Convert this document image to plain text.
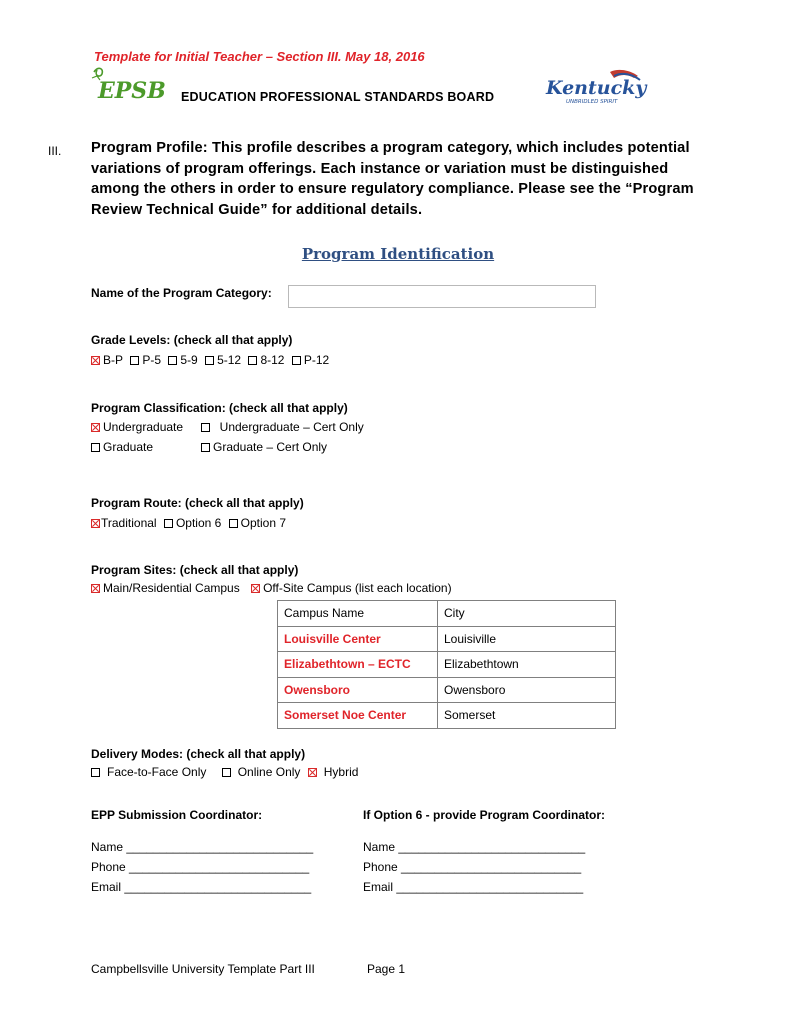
Template for Initial Teacher – Section III. May 18, 2016
EPSB EDUCATION PROFESSIONAL STANDARDS BOARD	Kentucky
UNBRIDLED SPIRIT
III. Program Profile: This profile describes a program category, which includes potential variations of program offerings. Each instance or variation must be distinguished among the others in order to ensure regulatory compliance. Please see the “Program Review Technical Guide” for additional details.
Program Identification
Name of the Program Category:
Grade Levels: (check all that apply)
B-P P-5 5-9 5-12 8-12 P-12
Program Classification: (check all that apply)
Undergraduate	Undergraduate – Cert Only
Graduate	Graduate – Cert Only
Program Route: (check all that apply)
Traditional Option 6 Option 7
Program Sites: (check all that apply)
Main/Residential Campus Off-Site Campus (list each location)
Campus Name	City
Louisville Center	Louisiville
Elizabethtown – ECTC	Elizabethtown
Owensboro	Owensboro
Somerset Noe Center	Somerset
Delivery Modes: (check all that apply)
Face-to-Face Only	Online Only Hybrid
EPP Submission Coordinator:	If Option 6 - provide Program Coordinator:
Name ____________________________
Phone ___________________________
Email ____________________________
Name ____________________________
Phone ___________________________
Email ____________________________
Campbellsville University Template Part III	Page 1
